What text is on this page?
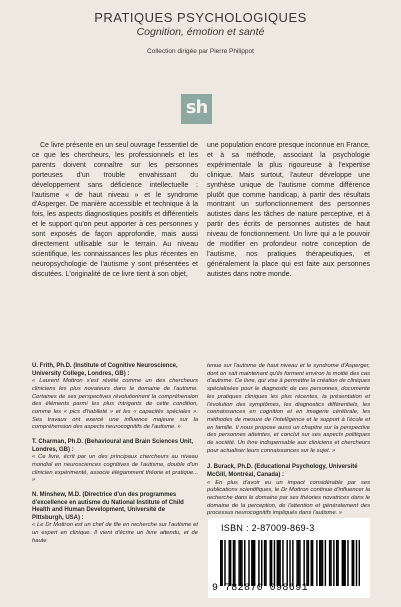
PRATIQUES PSYCHOLOGIQUES
Cognition, émotion et santé
Collection dirigée par Pierre Philippot
sh

Ce livre présente en un seul ouvrage l'essentiel de ce que les chercheurs, les professionnels et les parents doivent connaître sur les personnes porteuses d'un trouble envahissant du développement sans déficience intellectuelle : l'autisme « de haut niveau » et le syndrome d'Asperger. De manière accessible et technique à la fois, les aspects diagnostiques positifs et différentiels et le support qu'on peut apporter à ces personnes y sont exposés de façon approfondie, mais aussi directement utilisable sur le terrain. Au niveau scientifique, les connaissances les plus récentes en neuropsychologie de l'autisme y sont présentées et discutées. L'originalité de ce livre tient à son objet,

une population encore presque inconnue en France, et à sa méthode, associant la psychologie expérimentale la plus rigoureuse à l'expertise clinique. Mais surtout, l'auteur développe une synthèse unique de l'autisme comme différence plutôt que comme handicap, à partir des résultats montrant un surfonctionnement des personnes autistes dans les tâches de nature perceptive, et à partir des écrits de personnes autistes de haut niveau de fonctionnement. Un livre qui a le pouvoir de modifier en profondeur notre conception de l'autisme, nos pratiques thérapeutiques, et généralement la place qui est faite aux personnes autistes dans notre monde.

U. Frith, Ph.D. (Institute of Cognitive Neuroscience, University College, Londres, GB) :
« Laurent Mottron s'est révélé comme un des chercheurs cliniciens les plus novateurs dans le domaine de l'autisme. Certaines de ses perspectives révolutionnent la compréhension des éléments parmi les plus intrigants de cette condition, comme les « pics d'habileté » et les « capacités spéciales ». Ses travaux ont exercé une influence majeure sur la compréhension des aspects neurocognitifs de l'autisme. »
T. Charman, Ph.D. (Behavioural and Brain Sciences Unit, Londres, GB) :
« Ce livre, écrit par un des principaux chercheurs au niveau mondial en neurosciences cognitives de l'autisme, double d'un clinicien expérimenté, associe élégamment théorie et pratique... »
N. Minshew, M.D. (Directrice d'un des programmes d'excellence en autisme du National Institute of Child Health and Human Development, Université de Pittsburgh, USA) :
« Le Dr Mottron est un chef de file en recherche sur l'autisme et un expert en clinique. Il vient d'écrire un livre attendu, et de haute
tenue sur l'autisme de haut niveau et le syndrome d'Asperger, dont on sait maintenant qu'ils forment environ la moitié des cas d'autisme. Ce livre, qui vise à permettre la création de cliniques spécialisées pour le diagnostic de ces personnes, documente les pratiques cliniques les plus récentes, la présentation et l'évolution des symptômes, les diagnostics différentiels, les connaissances en cognition et en imagerie cérébrale, les méthodes de mesure de l'intelligence et le support à l'école et en famille. Il nous propose aussi un chapitre sur la perspective des personnes atteintes, et conclut sur ses aspects politiques de société. Un livre indispensable aux cliniciens et chercheurs pour actualiser leurs connaissances sur le sujet. »
J. Burack, Ph.D. (Educational Psychology, Université McGill, Montréal, Canada) :
« En plus d'avoir eu un impact considérable par ses publications scientifiques, le Dr Mottron continue d'influencer la recherche dans le domaine par ses théories novatrices dans le domaine de la perception, de l'attention et généralement des processus neurocognitifs impliqués dans l'autisme. »
ISBN : 2-87009-869-3
9 782870 098691
